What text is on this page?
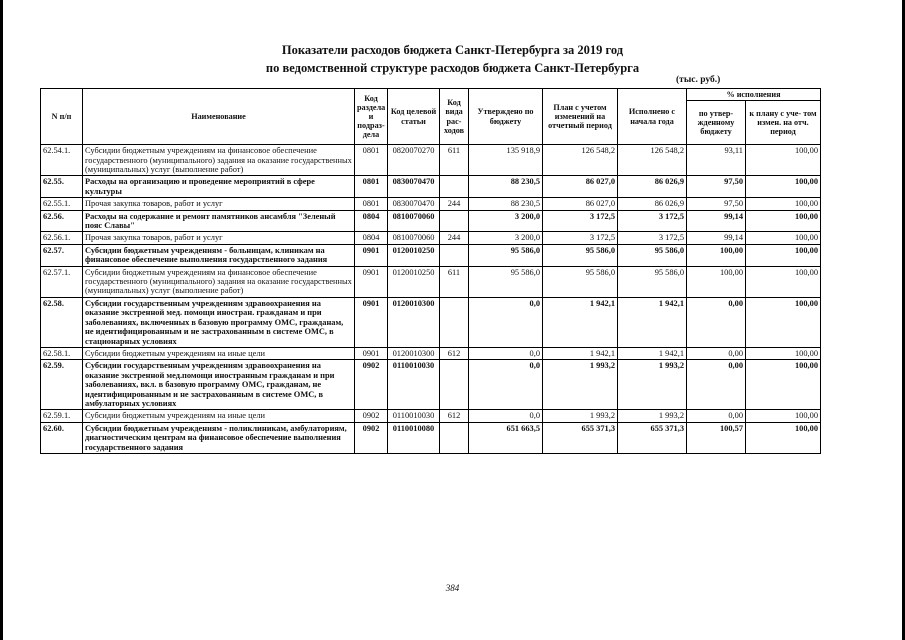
Показатели расходов бюджета Санкт-Петербурга за 2019 год
по ведомственной структуре расходов бюджета Санкт-Петербурга
(тыс. руб.)
N п/п	Наименование	Код раздела и подраз- дела	Код целевой статьи	Код вида рас- ходов	Утверждено по бюджету	План с учетом изменений на отчетный период	Исполнено с начала года	% исполнения	
								по утвер- жденному бюджету	к плану с уче- том измен. на отч. период
62.54.1.	Субсидии бюджетным учреждениям на финансовое обеспечение государственного (муниципального) задания на оказание государственных (муниципальных) услуг (выполнение работ)	0801	0820070270	611	135 918,9	126 548,2	126 548,2	93,11	100,00
62.55.	Расходы на организацию и проведение мероприятий в сфере культуры	0801	0830070470		88 230,5	86 027,0	86 026,9	97,50	100,00
62.55.1.	Прочая закупка товаров, работ и услуг	0801	0830070470	244	88 230,5	86 027,0	86 026,9	97,50	100,00
62.56.	Расходы на содержание и ремонт памятников ансамбля "Зеленый пояс Славы"	0804	0810070060		3 200,0	3 172,5	3 172,5	99,14	100,00
62.56.1.	Прочая закупка товаров, работ и услуг	0804	0810070060	244	3 200,0	3 172,5	3 172,5	99,14	100,00
62.57.	Субсидии бюджетным учреждениям - больницам, клиникам на финансовое обеспечение выполнения государственного задания	0901	0120010250		95 586,0	95 586,0	95 586,0	100,00	100,00
62.57.1.	Субсидии бюджетным учреждениям на финансовое обеспечение государственного (муниципального) задания на оказание государственных (муниципальных) услуг (выполнение работ)	0901	0120010250	611	95 586,0	95 586,0	95 586,0	100,00	100,00
62.58.	Субсидии государственным учреждениям здравоохранения на оказание экстренной мед. помощи иностран. гражданам и при заболеваниях, включенных в базовую программу ОМС, гражданам, не идентифицированным и не застрахованным в системе ОМС, в стационарных условиях	0901	0120010300		0,0	1 942,1	1 942,1	0,00	100,00
62.58.1.	Субсидии бюджетным учреждениям на иные цели	0901	0120010300	612	0,0	1 942,1	1 942,1	0,00	100,00
62.59.	Субсидии государственным учреждениям здравоохранения на оказание экстренной мед.помощи иностранным гражданам и при заболеваниях, вкл. в базовую программу ОМС, гражданам, не идентифицированным и не застрахованным в системе ОМС, в амбулаторных условиях	0902	0110010030		0,0	1 993,2	1 993,2	0,00	100,00
62.59.1.	Субсидии бюджетным учреждениям на иные цели	0902	0110010030	612	0,0	1 993,2	1 993,2	0,00	100,00
62.60.	Субсидии бюджетным учреждениям - поликлиникам, амбулаториям, диагностическим центрам на финансовое обеспечение выполнения государственного задания	0902	0110010080		651 663,5	655 371,3	655 371,3	100,57	100,00
384
